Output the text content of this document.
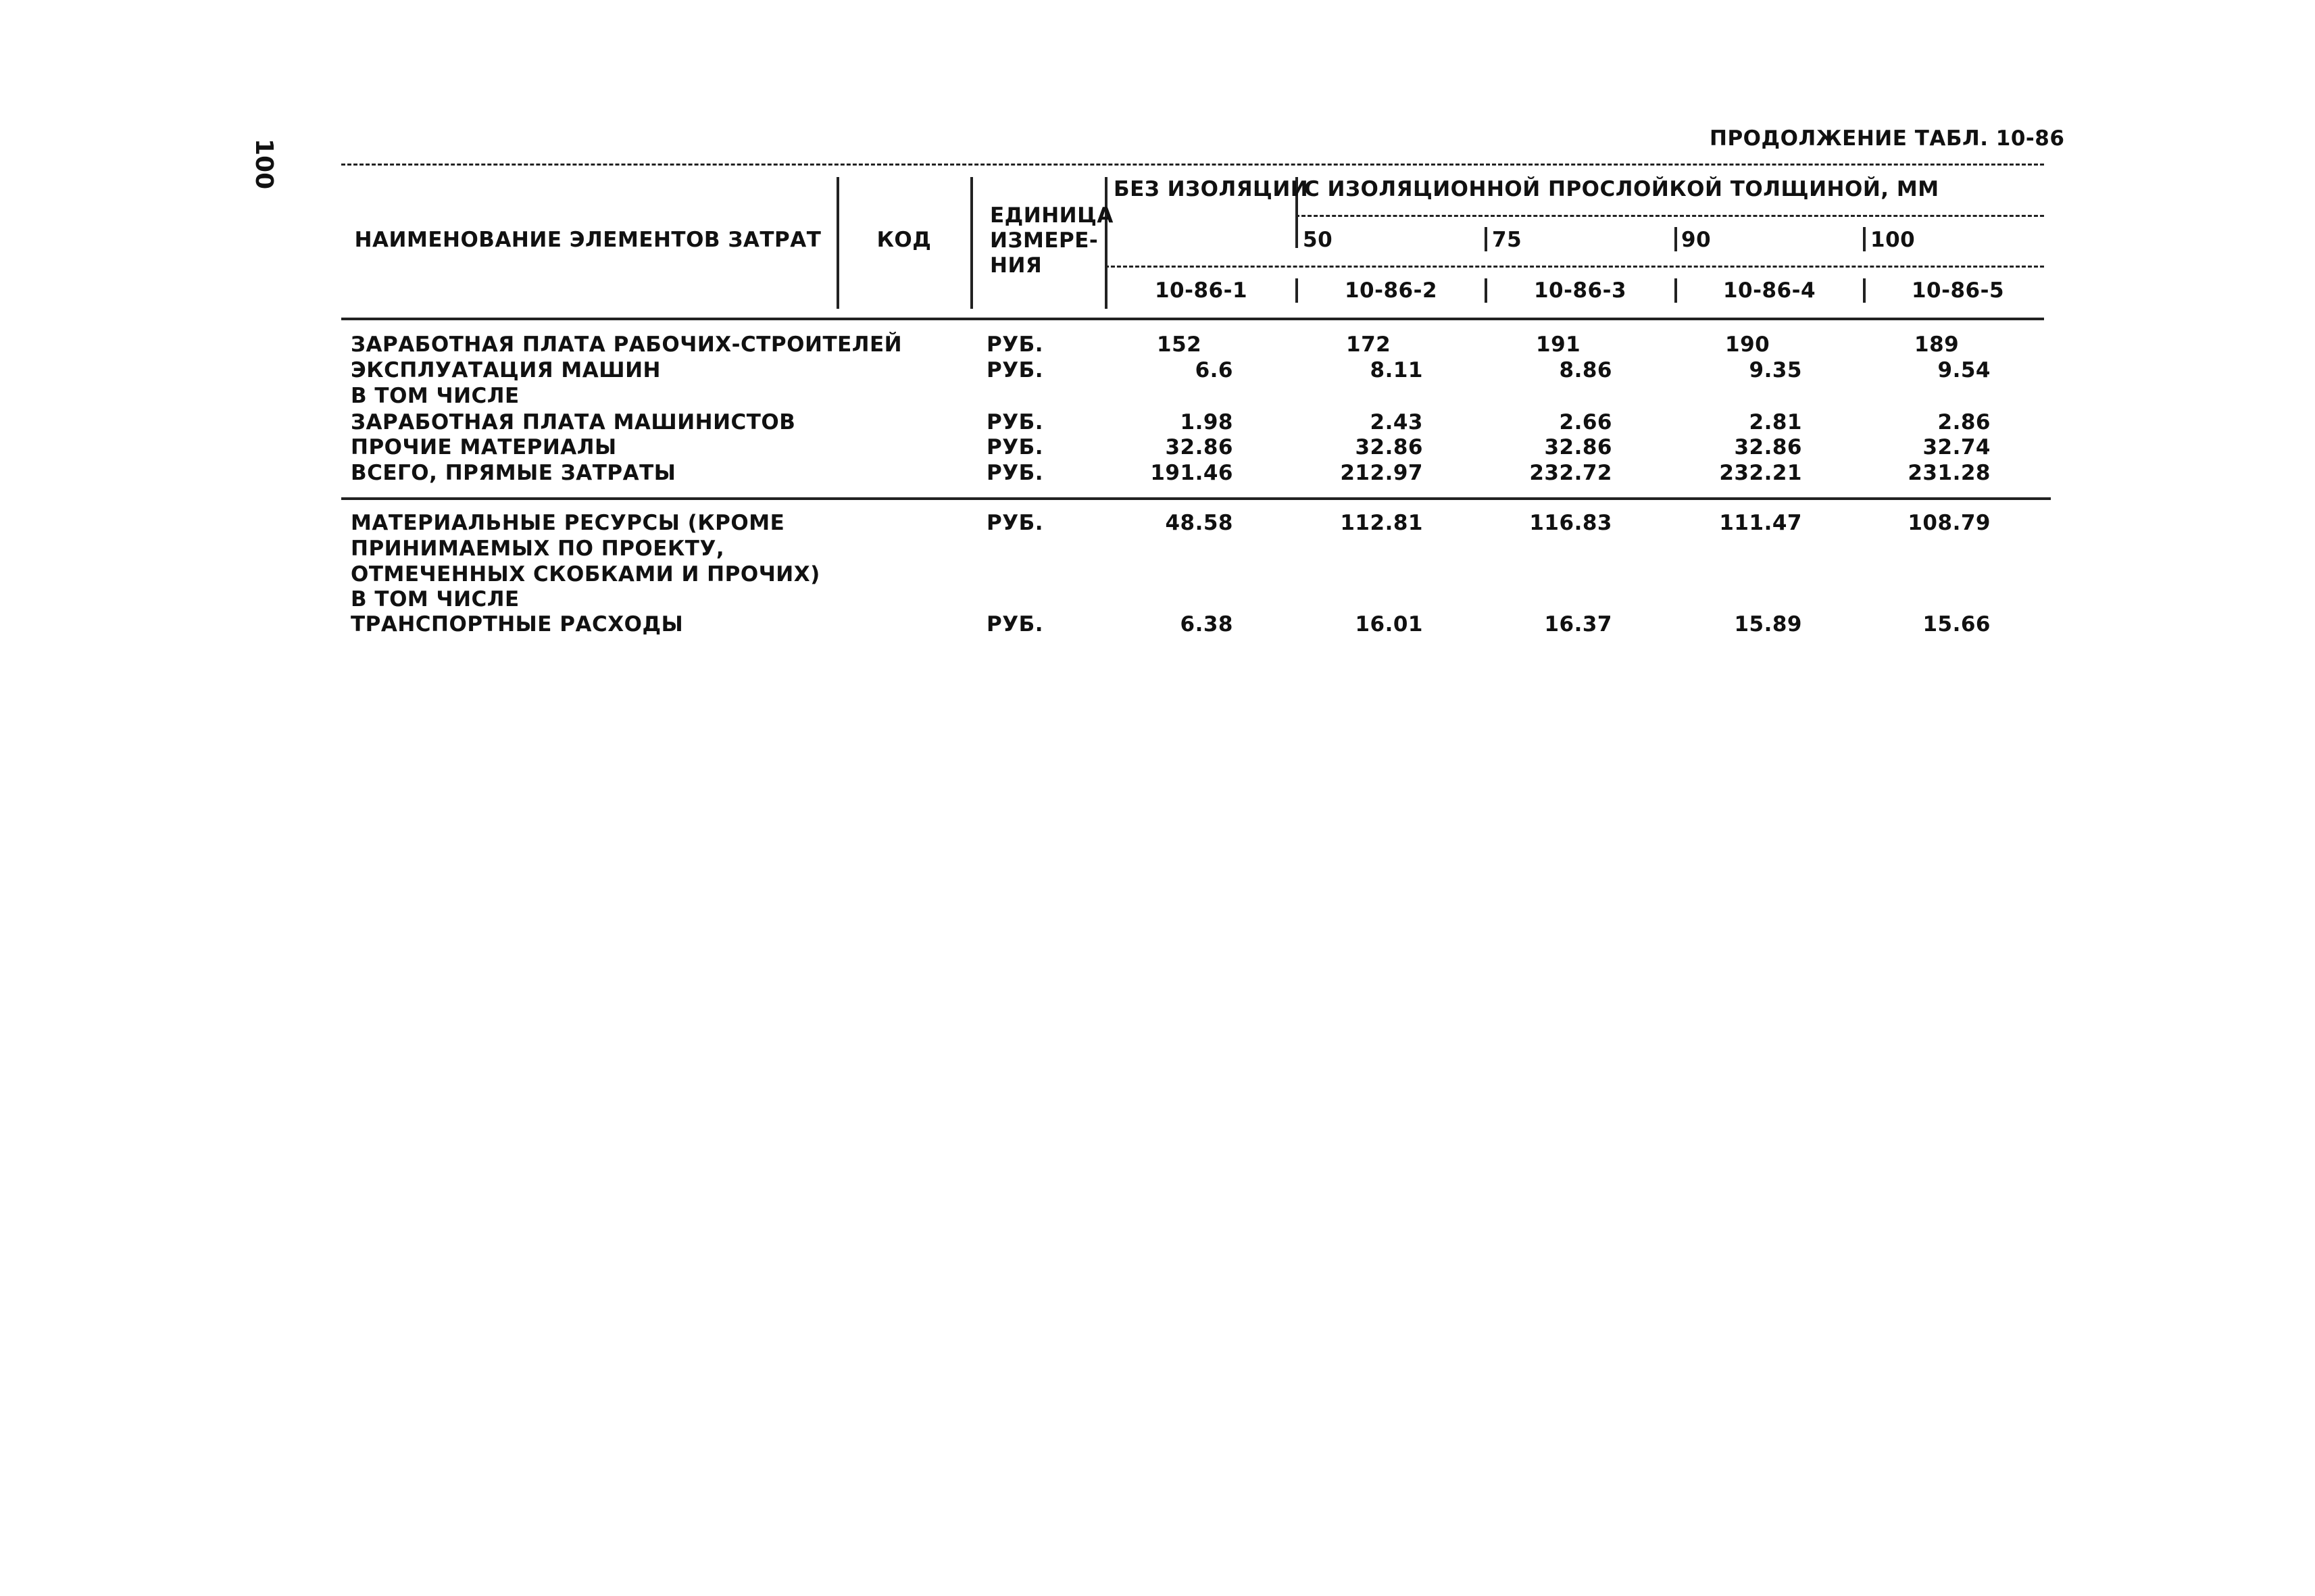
100	ПРОДОЛЖЕНИЕ ТАБЛ. 10-86
НАИМЕНОВАНИЕ ЭЛЕМЕНТОВ ЗАТРАТ	КОД
ЕДИНИЦА
ИЗМЕРЕ-
НИЯ
БЕЗ ИЗОЛЯЦИИ
С ИЗОЛЯЦИОННОЙ ПРОСЛОЙКОЙ ТОЛЩИНОЙ, ММ
50	75	90	100
10-86-1	10-86-2	10-86-3	10-86-4	10-86-5
ЗАРАБОТНАЯ ПЛАТА РАБОЧИХ-СТРОИТЕЛЕЙ	РУБ.	152	172	191	190	189
ЭКСПЛУАТАЦИЯ МАШИН	РУБ.	6.6	8.11	8.86	9.35	9.54
В ТОМ ЧИСЛЕ
ЗАРАБОТНАЯ ПЛАТА МАШИНИСТОВ	РУБ.	1.98	2.43	2.66	2.81	2.86
ПРОЧИЕ МАТЕРИАЛЫ	РУБ.	32.86	32.86	32.86	32.86	32.74
ВСЕГО, ПРЯМЫЕ ЗАТРАТЫ	РУБ.	191.46	212.97	232.72	232.21	231.28
МАТЕРИАЛЬНЫЕ РЕСУРСЫ (КРОМЕ
ПРИНИМАЕМЫХ ПО ПРОЕКТУ,
ОТМЕЧЕННЫХ СКОБКАМИ И ПРОЧИХ)
В ТОМ ЧИСЛЕ
РУБ.	48.58	112.81	116.83	111.47	108.79
ТРАНСПОРТНЫЕ РАСХОДЫ	РУБ.	6.38	16.01	16.37	15.89	15.66
